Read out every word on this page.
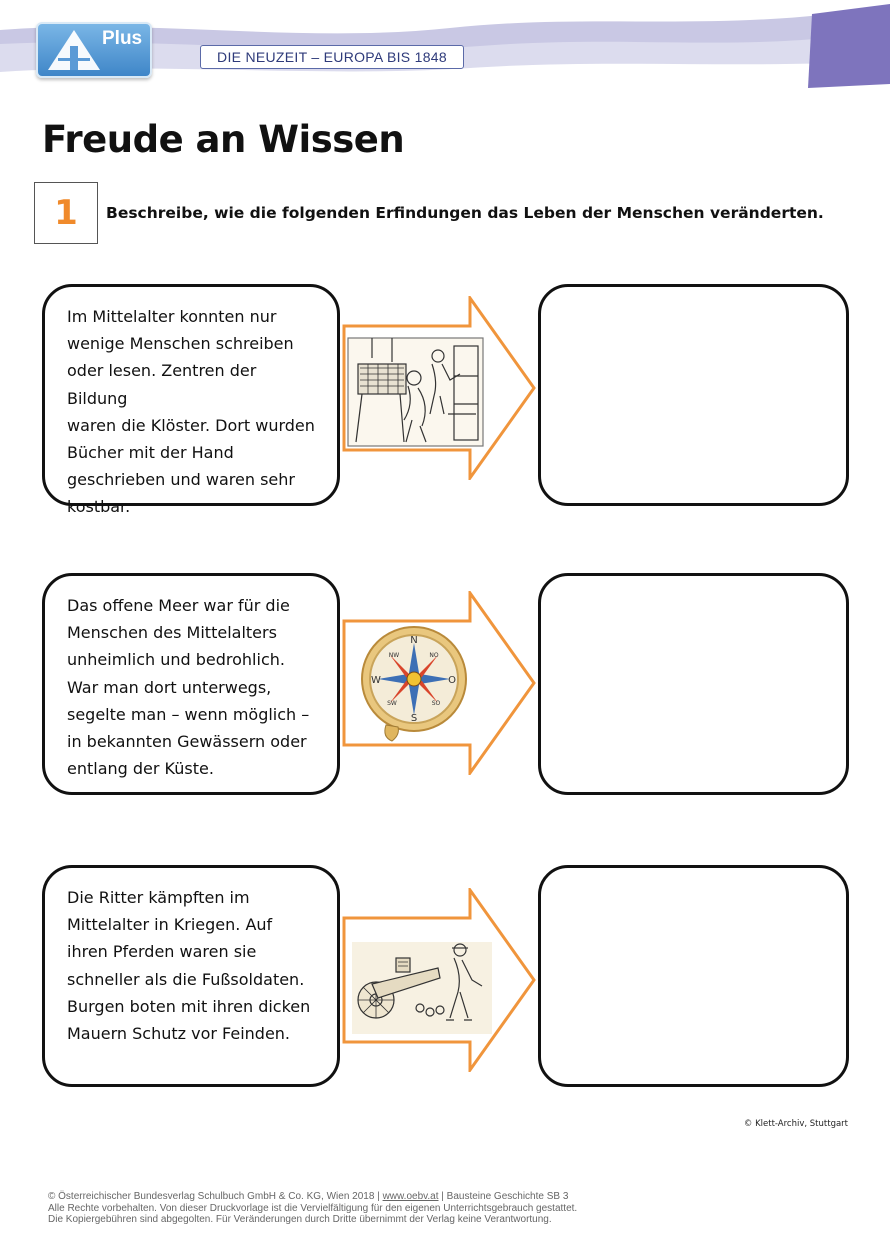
Plus
DIE NEUZEIT – EUROPA BIS 1848
Freude an Wissen
1	Beschreibe, wie die folgenden Erfindungen das Leben der Menschen veränderten.
Im Mittelalter konnten nur
wenige Menschen schreiben
oder lesen. Zentren der Bildung
waren die Klöster. Dort wurden
Bücher mit der Hand
geschrieben und waren sehr
kostbar.
Das offene Meer war für die
Menschen des Mittelalters
unheimlich und bedrohlich.
War man dort unterwegs,
segelte man – wenn möglich –
in bekannten Gewässern oder
entlang der Küste.
N
O
S
W
NW	NO
SW	SO
Die Ritter kämpften im
Mittelalter in Kriegen. Auf
ihren Pferden waren sie
schneller als die Fußsoldaten.
Burgen boten mit ihren dicken
Mauern Schutz vor Feinden.
© Klett-Archiv, Stuttgart
© Österreichischer Bundesverlag Schulbuch GmbH & Co. KG, Wien 2018 | www.oebv.at | Bausteine Geschichte SB 3
Alle Rechte vorbehalten. Von dieser Druckvorlage ist die Vervielfältigung für den eigenen Unterrichtsgebrauch gestattet.
Die Kopiergebühren sind abgegolten. Für Veränderungen durch Dritte übernimmt der Verlag keine Verantwortung.
